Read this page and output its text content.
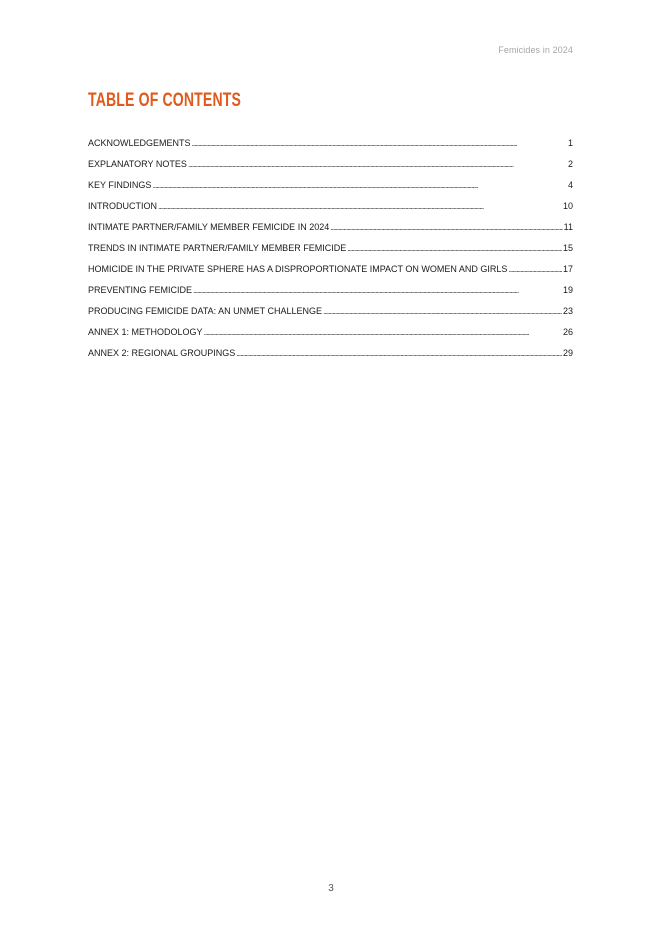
Femicides in 2024
TABLE OF CONTENTS
ACKNOWLEDGEMENTS .....	1
EXPLANATORY NOTES .....	2
KEY FINDINGS .....	4
INTRODUCTION .....	10
INTIMATE PARTNER/FAMILY MEMBER FEMICIDE IN 2024 .....	11
TRENDS IN INTIMATE PARTNER/FAMILY MEMBER FEMICIDE .....	15
HOMICIDE IN THE PRIVATE SPHERE HAS A DISPROPORTIONATE IMPACT ON WOMEN AND GIRLS .....	17
PREVENTING FEMICIDE .....	19
PRODUCING FEMICIDE DATA: AN UNMET CHALLENGE .....	23
ANNEX 1: METHODOLOGY .....	26
ANNEX 2: REGIONAL GROUPINGS .....	29
3
